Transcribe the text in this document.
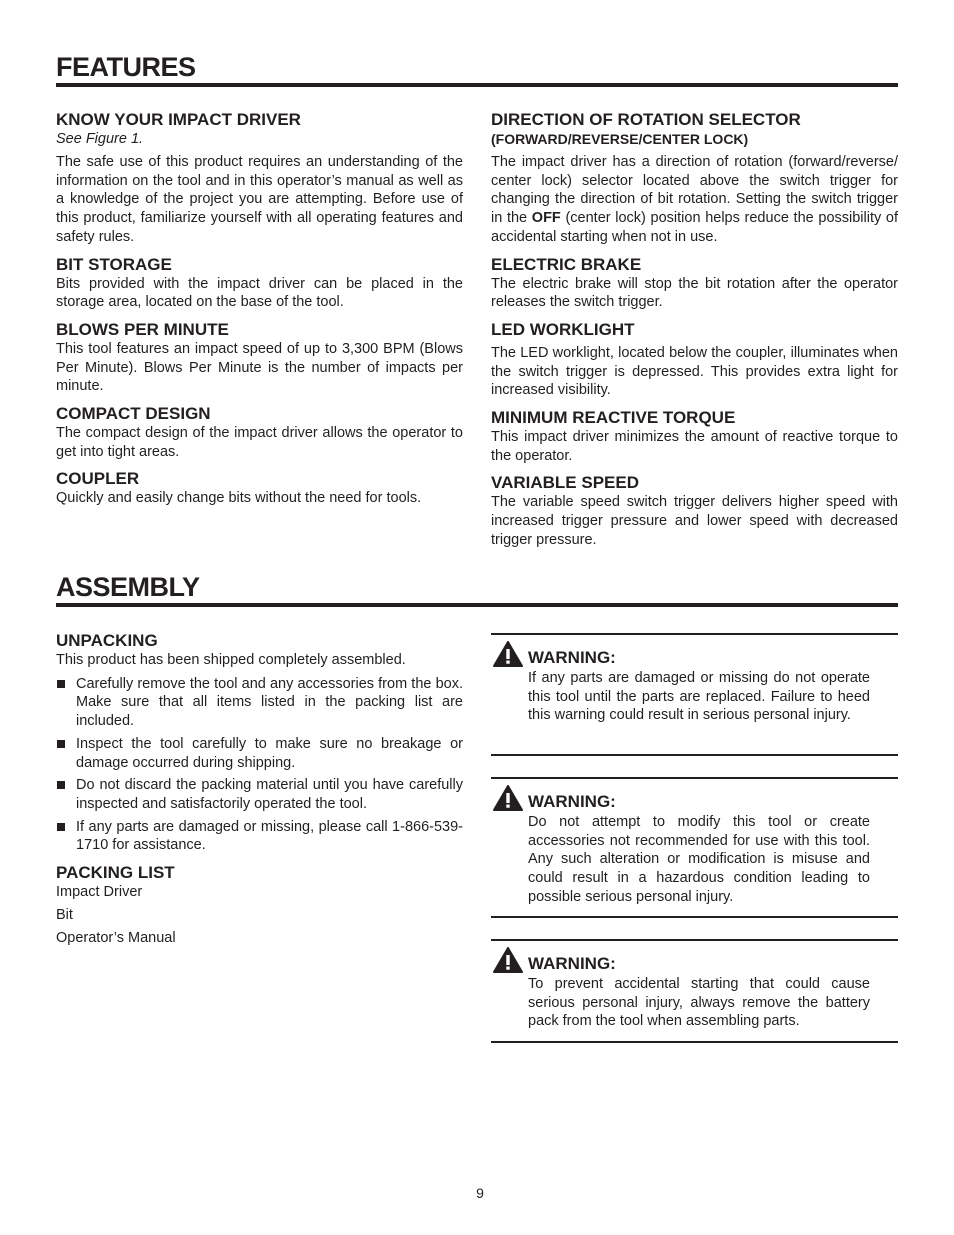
FEATURES
KNOW YOUR IMPACT DRIVER
See Figure 1.

The safe use of this product requires an understanding of the information on the tool and in this operator’s manual as well as a knowledge of the project you are attempting. Before use of this product, familiarize yourself with all operating features and safety rules.

BIT STORAGE

Bits provided with the impact driver can be placed in the storage area, located on the base of the tool.

BLOWS PER MINUTE

This tool features an impact speed of up to 3,300 BPM (Blows Per Minute). Blows Per Minute is the number of impacts per minute.

COMPACT DESIGN

The compact design of the impact driver allows the operator to get into tight areas.

COUPLER

Quickly and easily change bits without the need for tools.

DIRECTION OF ROTATION SELECTOR
(FORWARD/REVERSE/CENTER LOCK)

The impact driver has a direction of rotation (forward/reverse/ center lock) selector located above the switch trigger for changing the direction of bit rotation. Setting the switch trigger in the OFF (center lock) position helps reduce the possibility of accidental starting when not in use.

ELECTRIC BRAKE

The electric brake will stop the bit rotation after the operator releases the switch trigger.

LED WORKLIGHT

The LED worklight, located below the coupler, illuminates when the switch trigger is depressed. This provides extra light for increased visibility.

MINIMUM REACTIVE TORQUE

This impact driver minimizes the amount of reactive torque to the operator.

VARIABLE SPEED

The variable speed switch trigger delivers higher speed with increased trigger pressure and lower speed with decreased trigger pressure.

ASSEMBLY
UNPACKING

This product has been shipped completely assembled.

Carefully remove the tool and any accessories from the box. Make sure that all items listed in the packing list are included.
Inspect the tool carefully to make sure no breakage or damage occurred during shipping.
Do not discard the packing material until you have carefully inspected and satisfactorily operated the tool.
If any parts are damaged or missing, please call 1-866-539-1710 for assistance.
PACKING LIST
Impact Driver
Bit
Operator’s Manual
WARNING:
If any parts are damaged or missing do not operate this tool until the parts are replaced. Failure to heed this warning could result in serious personal injury.
WARNING:
Do not attempt to modify this tool or create accessories not recommended for use with this tool. Any such alteration or modification is misuse and could result in a hazardous condition leading to possible serious personal injury.
WARNING:
To prevent accidental starting that could cause serious personal injury, always remove the battery pack from the tool when assembling parts.
9
